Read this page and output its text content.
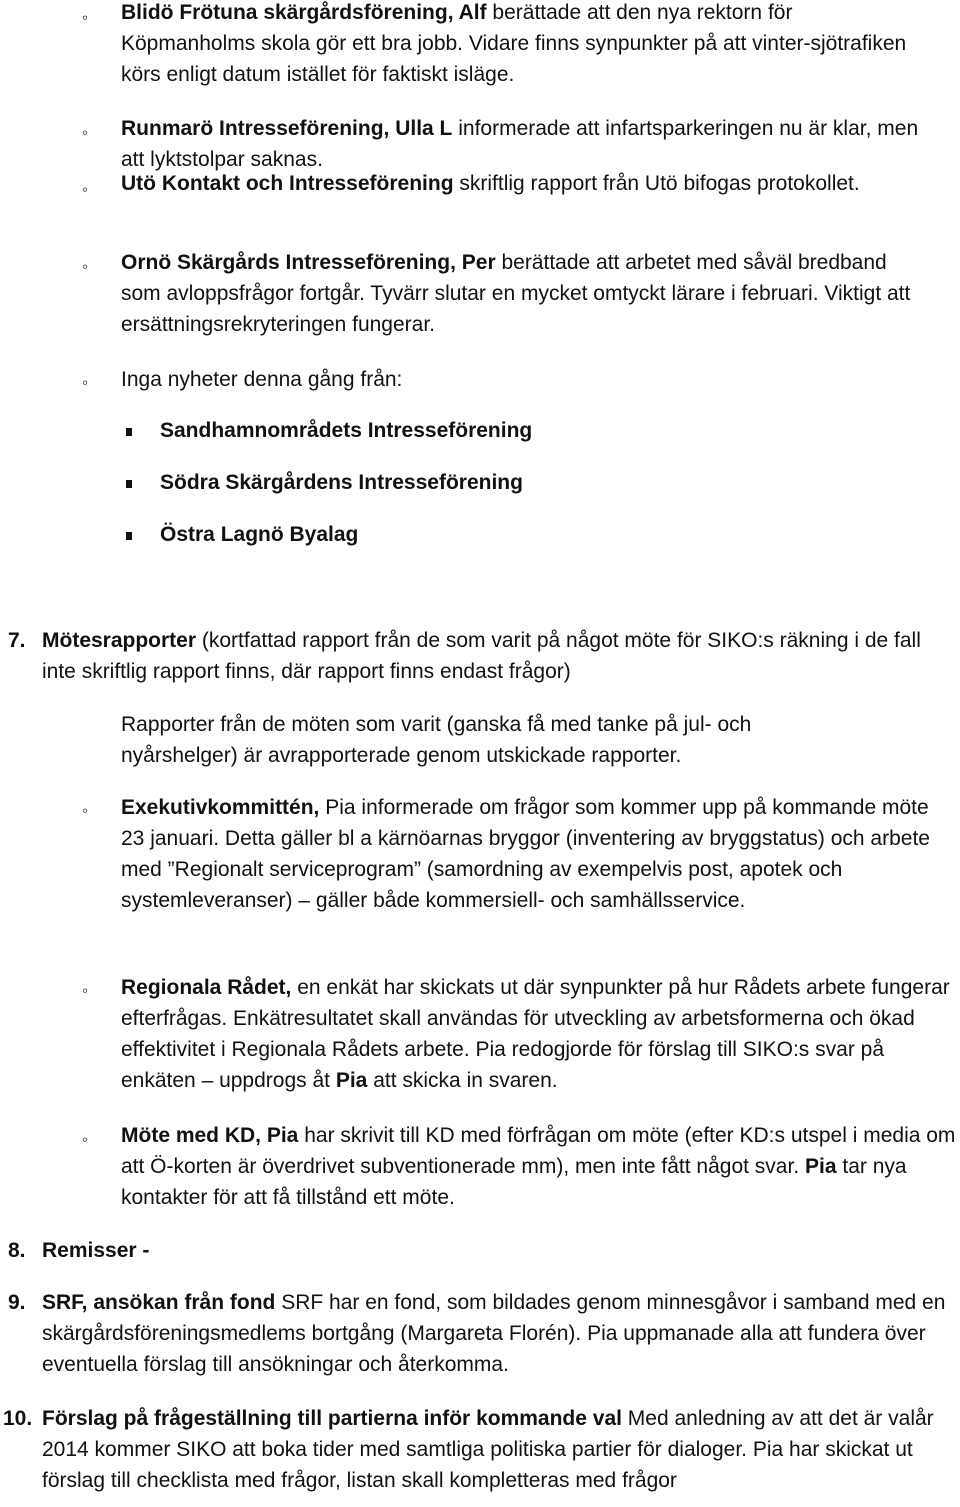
◦ Blidö Frötuna skärgårdsförening, Alf berättade att den nya rektorn för Köpmanholms skola gör ett bra jobb. Vidare finns synpunkter på att vinter-sjötrafiken körs enligt datum istället för faktiskt isläge.
◦ Runmarö Intresseförening, Ulla L informerade att infartsparkeringen nu är klar, men att lyktstolpar saknas.
◦ Utö Kontakt och Intresseförening skriftlig rapport från Utö bifogas protokollet.
◦ Ornö Skärgårds Intresseförening, Per berättade att arbetet med såväl bredband som avloppsfrågor fortgår. Tyvärr slutar en mycket omtyckt lärare i februari. Viktigt att ersättningsrekryteringen fungerar.
◦ Inga nyheter denna gång från:
Sandhamnområdets Intresseförening
Södra Skärgårdens Intresseförening
Östra Lagnö Byalag
7. Mötesrapporter (kortfattad rapport från de som varit på något möte för SIKO:s räkning i de fall inte skriftlig rapport finns, där rapport finns endast frågor)
Rapporter från de möten som varit (ganska få med tanke på jul- och nyårshelger) är avrapporterade genom utskickade rapporter.
◦ Exekutivkommittén, Pia informerade om frågor som kommer upp på kommande möte 23 januari. Detta gäller bl a kärnöarnas bryggor (inventering av bryggstatus) och arbete med ”Regionalt serviceprogram” (samordning av exempelvis post, apotek och systemleveranser) – gäller både kommersiell- och samhällsservice.
◦ Regionala Rådet, en enkät har skickats ut där synpunkter på hur Rådets arbete fungerar efterfrågas. Enkätresultatet skall användas för utveckling av arbetsformerna och ökad effektivitet i Regionala Rådets arbete. Pia redogjorde för förslag till SIKO:s svar på enkäten – uppdrogs åt Pia att skicka in svaren.
◦ Möte med KD, Pia har skrivit till KD med förfrågan om möte (efter KD:s utspel i media om att Ö-korten är överdrivet subventionerade mm), men inte fått något svar. Pia tar nya kontakter för att få tillstånd ett möte.
8. Remisser -
9. SRF, ansökan från fond SRF har en fond, som bildades genom minnesgåvor i samband med en skärgårdsföreningsmedlems bortgång (Margareta Florén). Pia uppmanade alla att fundera över eventuella förslag till ansökningar och återkomma.
10. Förslag på frågeställning till partierna inför kommande val Med anledning av att det är valår 2014 kommer SIKO att boka tider med samtliga politiska partier för dialoger. Pia har skickat ut förslag till checklista med frågor, listan skall kompletteras med frågor
